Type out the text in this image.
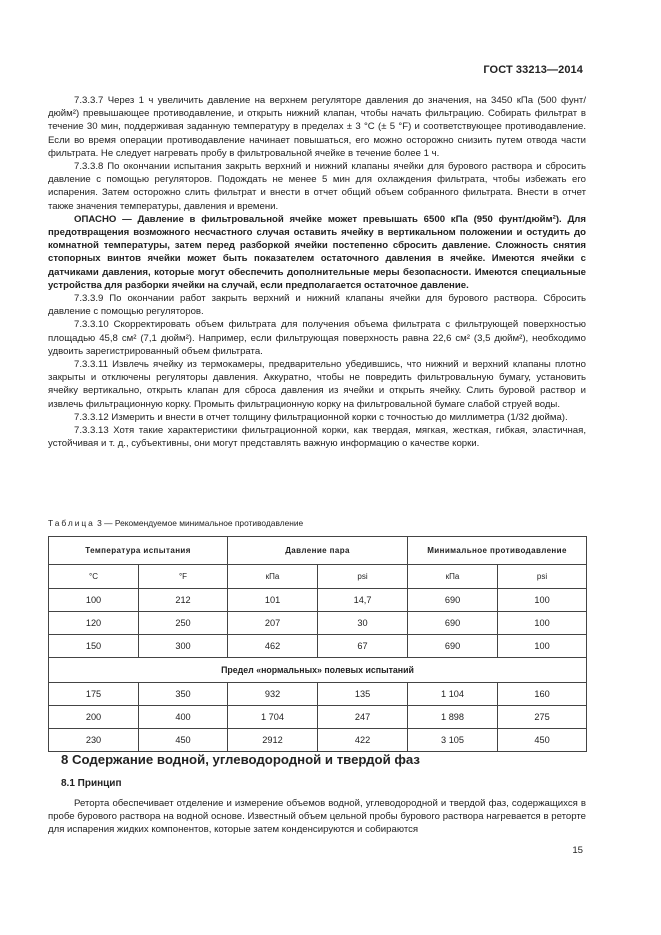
ГОСТ 33213—2014

7.3.3.7 Через 1 ч увеличить давление на верхнем регуляторе давления до значения, на 3450 кПа (500 фунт/дюйм²) превышающее противодавление, и открыть нижний клапан, чтобы начать фильтрацию. Собирать фильтрат в течение 30 мин, поддерживая заданную температуру в пределах ± 3 °С (± 5 °F) и соответствующее противодавление. Если во время операции противодавление начинает повышаться, его можно осторожно снизить путем отвода части фильтрата. Не следует нагревать пробу в фильтровальной ячейке в течение более 1 ч.

7.3.3.8 По окончании испытания закрыть верхний и нижний клапаны ячейки для бурового раствора и сбросить давление с помощью регуляторов. Подождать не менее 5 мин для охлаждения фильтрата, чтобы избежать его испарения. Затем осторожно слить фильтрат и внести в отчет общий объем собранного фильтрата. Внести в отчет также значения температуры, давления и времени.

ОПАСНО — Давление в фильтровальной ячейке может превышать 6500 кПа (950 фунт/дюйм²). Для предотвращения возможного несчастного случая оставить ячейку в вертикальном положении и остудить до комнатной температуры, затем перед разборкой ячейки постепенно сбросить давление. Сложность снятия стопорных винтов ячейки может быть показателем остаточного давления в ячейке. Имеются ячейки с датчиками давления, которые могут обеспечить дополнительные меры безопасности. Имеются специальные устройства для разборки ячейки на случай, если предполагается остаточное давление.

7.3.3.9 По окончании работ закрыть верхний и нижний клапаны ячейки для бурового раствора. Сбросить давление с помощью регуляторов.

7.3.3.10 Скорректировать объем фильтрата для получения объема фильтрата с фильтрующей поверхностью площадью 45,8 см² (7,1 дюйм²). Например, если фильтрующая поверхность равна 22,6 см² (3,5 дюйм²), необходимо удвоить зарегистрированный объем фильтрата.

7.3.3.11 Извлечь ячейку из термокамеры, предварительно убедившись, что нижний и верхний клапаны плотно закрыты и отключены регуляторы давления. Аккуратно, чтобы не повредить фильтровальную бумагу, установить ячейку вертикально, открыть клапан для сброса давления из ячейки и открыть ячейку. Слить буровой раствор и извлечь фильтрационную корку. Промыть фильтрационную корку на фильтровальной бумаге слабой струей воды.

7.3.3.12 Измерить и внести в отчет толщину фильтрационной корки с точностью до миллиметра (1/32 дюйма).

7.3.3.13 Хотя такие характеристики фильтрационной корки, как твердая, мягкая, жесткая, гибкая, эластичная, устойчивая и т. д., субъективны, они могут представлять важную информацию о качестве корки.

Таблица 3 — Рекомендуемое минимальное противодавление
Температура испытания		Давление пара		Минимальное противодавление	
°C	°F	кПа	psi	кПа	psi
100	212	101	14,7	690	100
120	250	207	30	690	100
150	300	462	67	690	100
Предел «нормальных» полевых испытаний					
175	350	932	135	1 104	160
200	400	1 704	247	1 898	275
230	450	2912	422	3 105	450
8 Содержание водной, углеводородной и твердой фаз
8.1 Принцип

Реторта обеспечивает отделение и измерение объемов водной, углеводородной и твердой фаз, содержащихся в пробе бурового раствора на водной основе. Известный объем цельной пробы бурового раствора нагревается в реторте для испарения жидких компонентов, которые затем конденсируются и собираются

15
